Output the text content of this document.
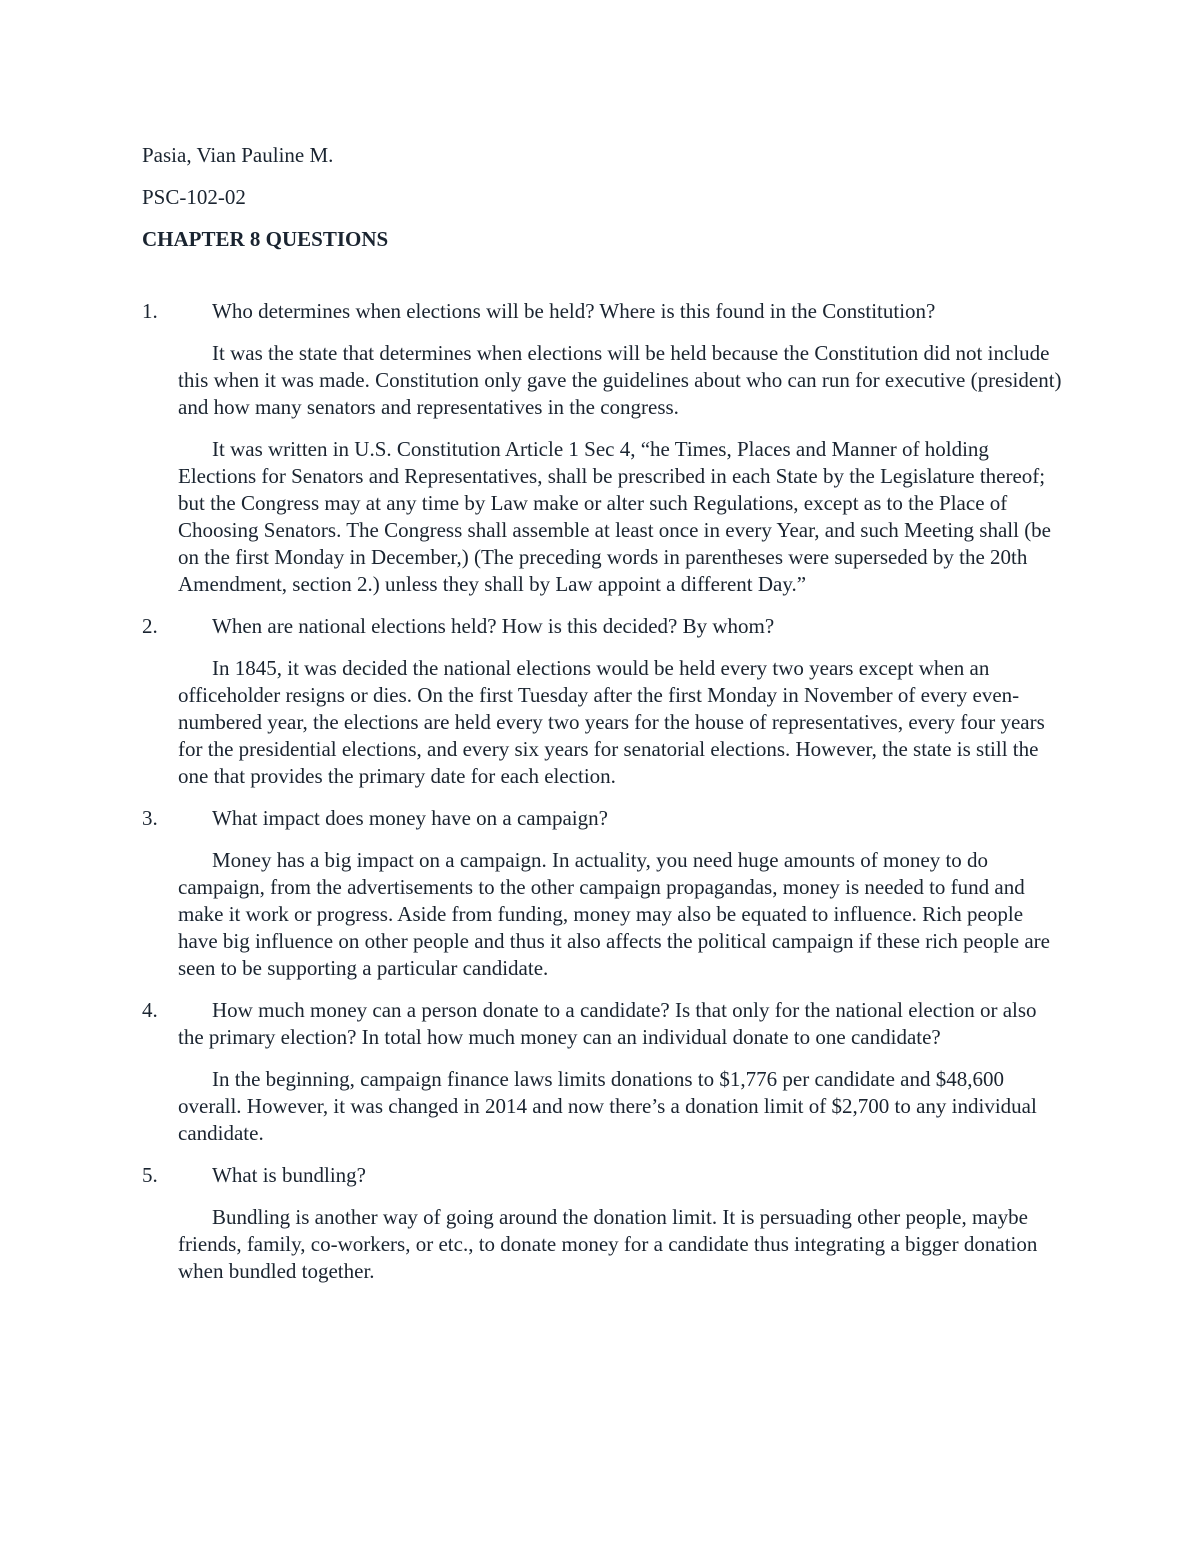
Pasia, Vian Pauline M.

PSC-102-02

CHAPTER 8 QUESTIONS

1.	Who determines when elections will be held? Where is this found in the Constitution?

It was the state that determines when elections will be held because the Constitution did not include this when it was made. Constitution only gave the guidelines about who can run for executive (president) and how many senators and representatives in the congress.

It was written in U.S. Constitution Article 1 Sec 4, “he Times, Places and Manner of holding Elections for Senators and Representatives, shall be prescribed in each State by the Legislature thereof; but the Congress may at any time by Law make or alter such Regulations, except as to the Place of Choosing Senators. The Congress shall assemble at least once in every Year, and such Meeting shall (be on the first Monday in December,) (The preceding words in parentheses were superseded by the 20th Amendment, section 2.) unless they shall by Law appoint a different Day.”

2.	When are national elections held? How is this decided? By whom?

In 1845, it was decided the national elections would be held every two years except when an officeholder resigns or dies. On the first Tuesday after the first Monday in November of every even-numbered year, the elections are held every two years for the house of representatives, every four years for the presidential elections, and every six years for senatorial elections. However, the state is still the one that provides the primary date for each election.

3.	What impact does money have on a campaign?

Money has a big impact on a campaign. In actuality, you need huge amounts of money to do campaign, from the advertisements to the other campaign propagandas, money is needed to fund and make it work or progress. Aside from funding, money may also be equated to influence. Rich people have big influence on other people and thus it also affects the political campaign if these rich people are seen to be supporting a particular candidate.

4.	How much money can a person donate to a candidate? Is that only for the national election or also the primary election? In total how much money can an individual donate to one candidate?

In the beginning, campaign finance laws limits donations to $1,776 per candidate and $48,600 overall. However, it was changed in 2014 and now there’s a donation limit of $2,700 to any individual candidate.

5.	What is bundling?

Bundling is another way of going around the donation limit. It is persuading other people, maybe friends, family, co-workers, or etc., to donate money for a candidate thus integrating a bigger donation when bundled together.
